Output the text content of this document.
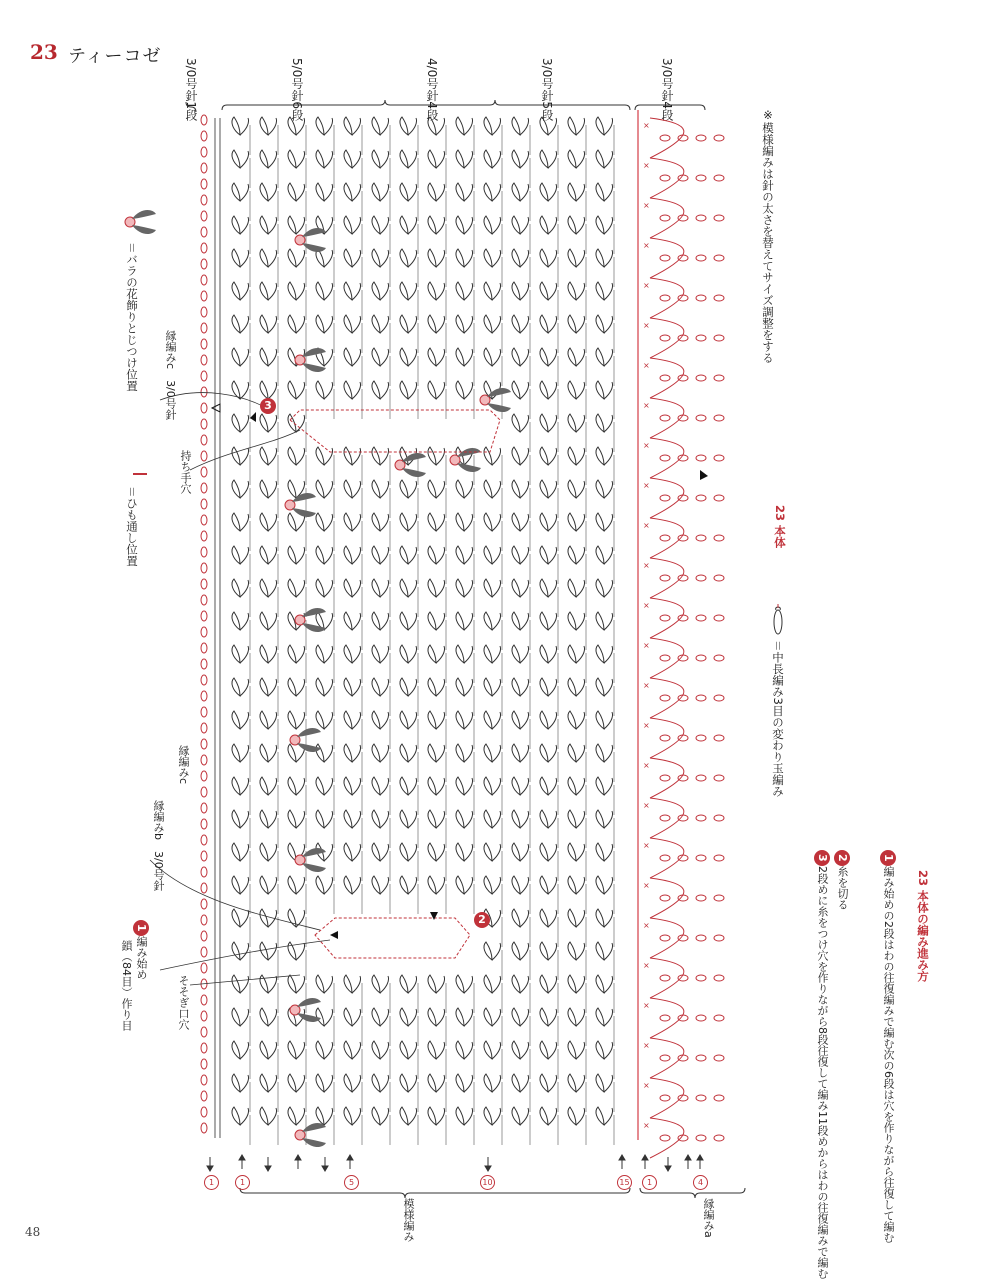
23 ティーコゼ
3/0号針1段
5/0号針6段
4/0号針4段
3/0号針5段
3/0号針4段
×
×
×
×
×
×
×
×
×
×
×
×
×
×
×
×
×
×
×
×
×
×
×
×
×
×
※模様編みは針の太さを替えてサイズ調整をする
23 本体
＝中長編み3目の変わり玉編み
＝バラの花飾りとじつけ位置
＝ひも通し位置
23 本体の編み進み方
1編み始めの2段はわの往復編みで編む次の6段は穴を作りながら往復して編む
2糸を切る
32段めに糸をつけ穴を作りながら8段往復して編み11段めからはわの往復編みで編む
縁編みc　3/0号針
持ち手穴
縁編みc
縁編みb　3/0号針
そそぎ口穴
1編み始め
鎖（84目）作り目
3
2
模様編み	縁編みa
1	1	5	10	15	1	4
48
